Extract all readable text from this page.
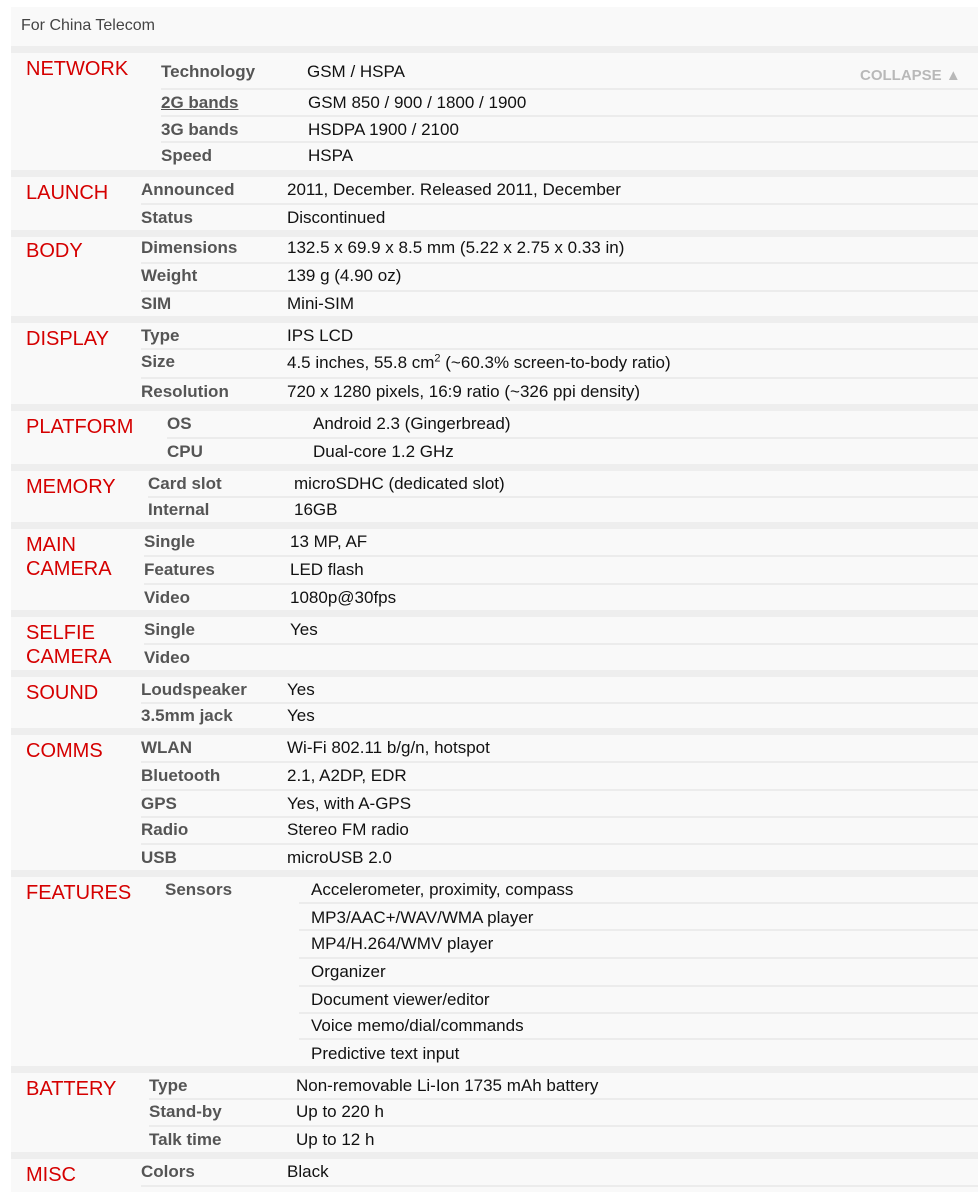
For China Telecom
COLLAPSE ▲
NETWORK Technology	GSM / HSPA
2G bands	GSM 850 / 900 / 1800 / 1900
3G bands	HSDPA 1900 / 2100
Speed	HSPA
LAUNCH Announced	2011, December. Released 2011, December
Status	Discontinued
BODY	Dimensions	132.5 x 69.9 x 8.5 mm (5.22 x 2.75 x 0.33 in)
Weight	139 g (4.90 oz)
SIM	Mini-SIM
DISPLAY Type	IPS LCD
Size	4.5 inches, 55.8 $cm^2$ (~60.3% screen-to-body ratio)
Resolution	720 x 1280 pixels, 16:9 ratio (~326 ppi density)
PLATFORM OS	Android 2.3 (Gingerbread)
CPU	Dual-core 1.2 GHz
MEMORY Card slot	microSDHC (dedicated slot)
Internal	16GB
MAIN
CAMERA
Single	13 MP, AF
Features	LED flash
Video	1080p@30fps
SELFIE
CAMERA
Single	Yes
Video
SOUND	Loudspeaker Yes
3.5mm jack	Yes
COMMS WLAN	Wi-Fi 802.11 b/g/n, hotspot
Bluetooth	2.1, A2DP, EDR
GPS	Yes, with A-GPS
Radio	Stereo FM radio
USB	microUSB 2.0
FEATURES Sensors	Accelerometer, proximity, compass
MP3/AAC+/WAV/WMA player
MP4/H.264/WMV player
Organizer
Document viewer/editor
Voice memo/dial/commands
Predictive text input
BATTERY Type	Non-removable Li-Ion 1735 mAh battery
Stand-by	Up to 220 h
Talk time	Up to 12 h
MISC	Colors	Black
